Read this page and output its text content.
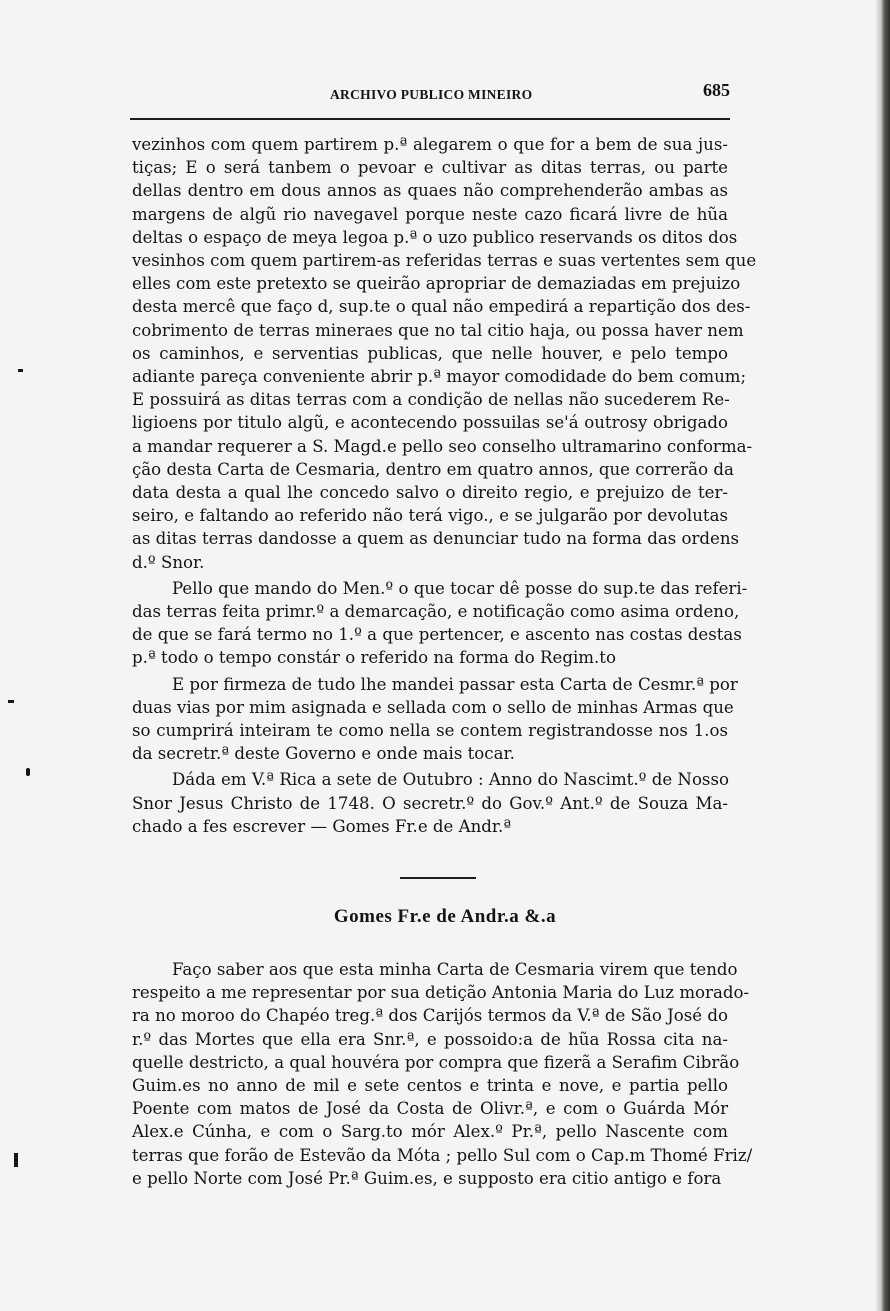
ARCHIVO PUBLICO MINEIRO	685
vezinhos com quem partirem p.ª alegarem o que for a bem de sua jus-
tiças; E o será tanbem o pevoar e cultivar as ditas terras, ou parte
dellas dentro em dous annos as quaes não comprehenderão ambas as
margens de algũ rio navegavel porque neste cazo ficará livre de hũa
deltas o espaço de meya legoa p.ª o uzo publico reservands os ditos dos
vesinhos com quem partirem-as referidas terras e suas vertentes sem que
elles com este pretexto se queirão apropriar de demaziadas em prejuizo
desta mercê que faço d, sup.te o qual não empedirá a repartição dos des-
cobrimento de terras mineraes que no tal citio haja, ou possa haver nem
os caminhos, e serventias publicas, que nelle houver, e pelo tempo
adiante pareça conveniente abrir p.ª mayor comodidade do bem comum;
E possuirá as ditas terras com a condição de nellas não sucederem Re-
ligioens por titulo algũ, e acontecendo possuilas se'á outrosy obrigado
a mandar requerer a S. Magd.e pello seo conselho ultramarino conforma-
ção desta Carta de Cesmaria, dentro em quatro annos, que correrão da
data desta a qual lhe concedo salvo o direito regio, e prejuizo de ter-
seiro, e faltando ao referido não terá vigo., e se julgarão por devolutas
as ditas terras dandosse a quem as denunciar tudo na forma das ordens
d.º Snor.
Pello que mando do Men.º o que tocar dê posse do sup.te das referi-
das terras feita primr.º a demarcação, e notificação como asima ordeno,
de que se fará termo no 1.º a que pertencer, e ascento nas costas destas
p.ª todo o tempo constár o referido na forma do Regim.to
E por firmeza de tudo lhe mandei passar esta Carta de Cesmr.ª por
duas vias por mim asignada e sellada com o sello de minhas Armas que
so cumprirá inteiram te como nella se contem registrandosse nos 1.os
da secretr.ª deste Governo e onde mais tocar.
Dáda em V.ª Rica a sete de Outubro : Anno do Nascimt.º de Nosso
Snor Jesus Christo de 1748. O secretr.º do Gov.º Ant.º de Souza Ma-
chado a fes escrever — Gomes Fr.e de Andr.ª
Gomes Fr.e de Andr.a &.a
Faço saber aos que esta minha Carta de Cesmaria virem que tendo
respeito a me representar por sua detição Antonia Maria do Luz morado-
ra no moroo do Chapéo treg.ª dos Carijós termos da V.ª de São José do
r.º das Mortes que ella era Snr.ª, e possoido:a de hũa Rossa cita na-
quelle destricto, a qual houvéra por compra que fizerã a Serafim Cibrão
Guim.es no anno de mil e sete centos e trinta e nove, e partia pello
Poente com matos de José da Costa de Olivr.ª, e com o Guárda Mór
Alex.e Cúnha, e com o Sarg.to mór Alex.º Pr.ª, pello Nascente com
terras que forão de Estevão da Móta ; pello Sul com o Cap.m Thomé Friz/
e pello Norte com José Pr.ª Guim.es, e supposto era citio antigo e fora
